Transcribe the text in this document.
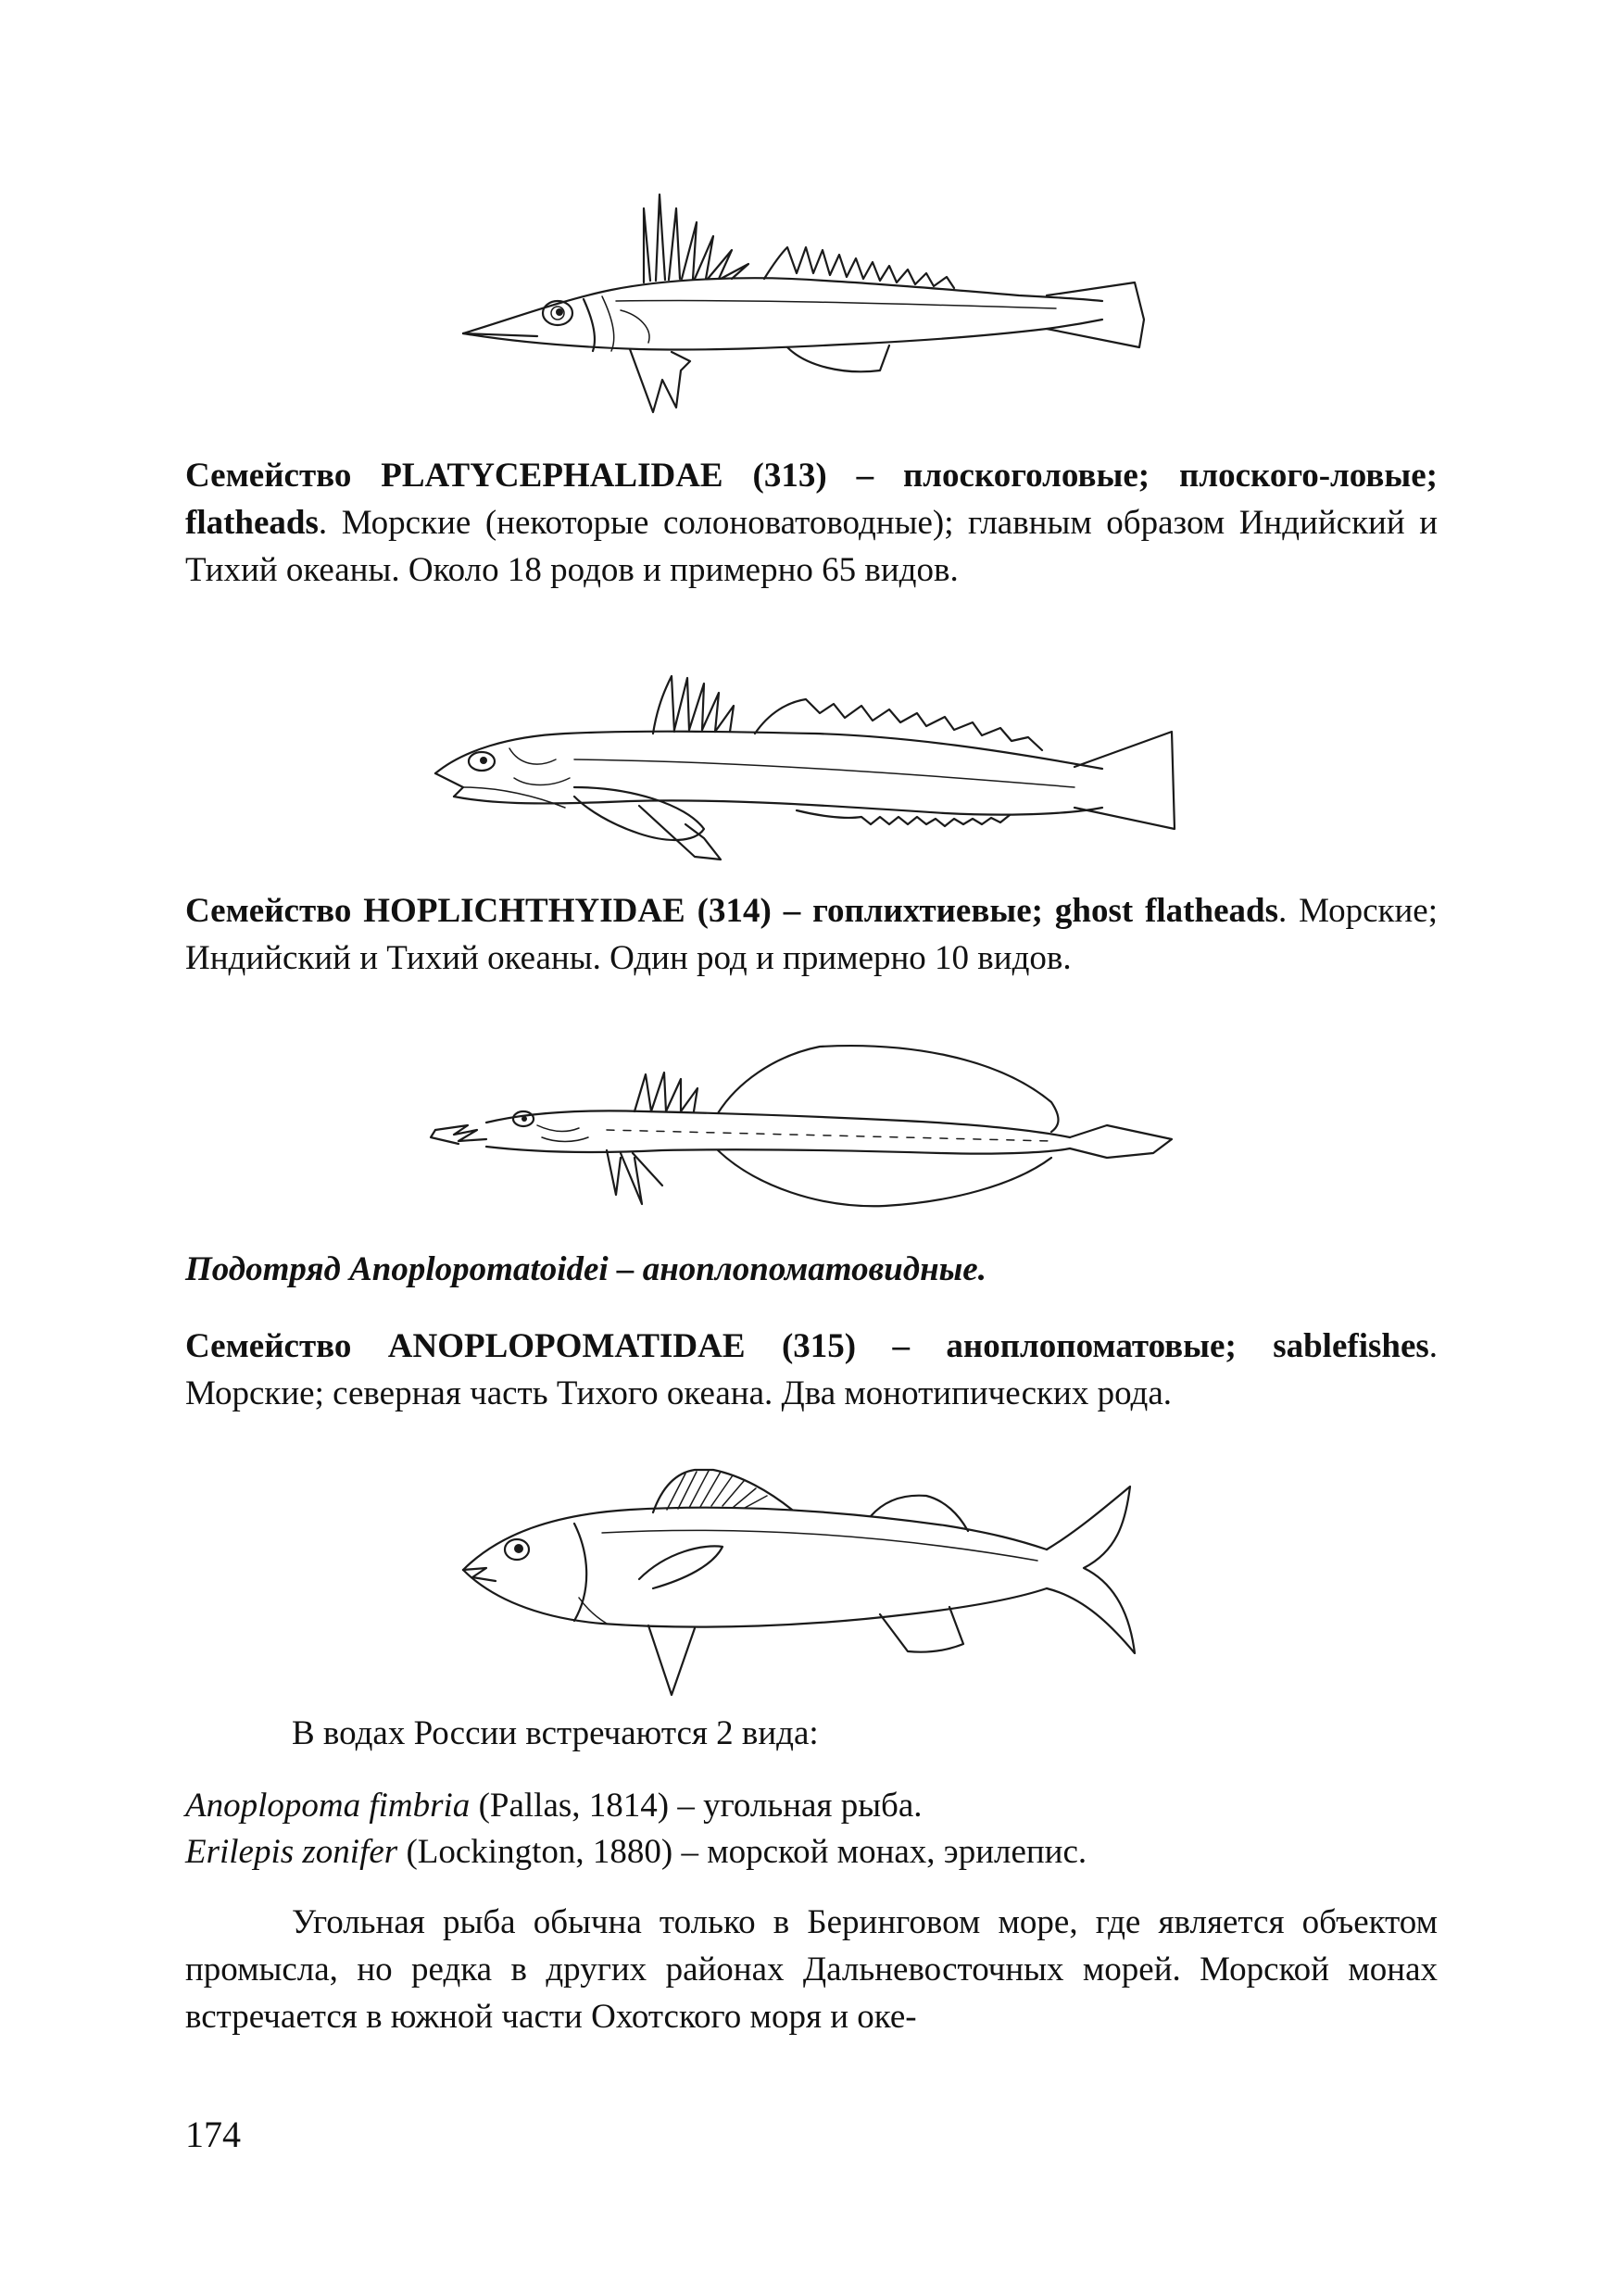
Семейство PLATYCEPHALIDAE (313) – плоскоголовые; плоского-ловые; flatheads. Морские (некоторые солоноватоводные); главным образом Индийский и Тихий океаны. Около 18 родов и примерно 65 видов.
Семейство HOPLICHTHYIDAE (314) – гоплихтиевые; ghost flatheads. Морские; Индийский и Тихий океаны. Один род и примерно 10 видов.
Подотряд Anoplopomatoidei – аноплопоматовидные.
Семейство ANOPLOPOMATIDAE (315) – аноплопоматовые; sablefishes. Морские; северная часть Тихого океана. Два монотипических рода.
В водах России встречаются 2 вида:
Anoplopoma fimbria (Pallas, 1814) – угольная рыба.
Erilepis zonifer (Lockington, 1880) – морской монах, эрилепис.
Угольная рыба обычна только в Беринговом море, где является объектом промысла, но редка в других районах Дальневосточных морей. Морской монах встречается в южной части Охотского моря и оке-
174
